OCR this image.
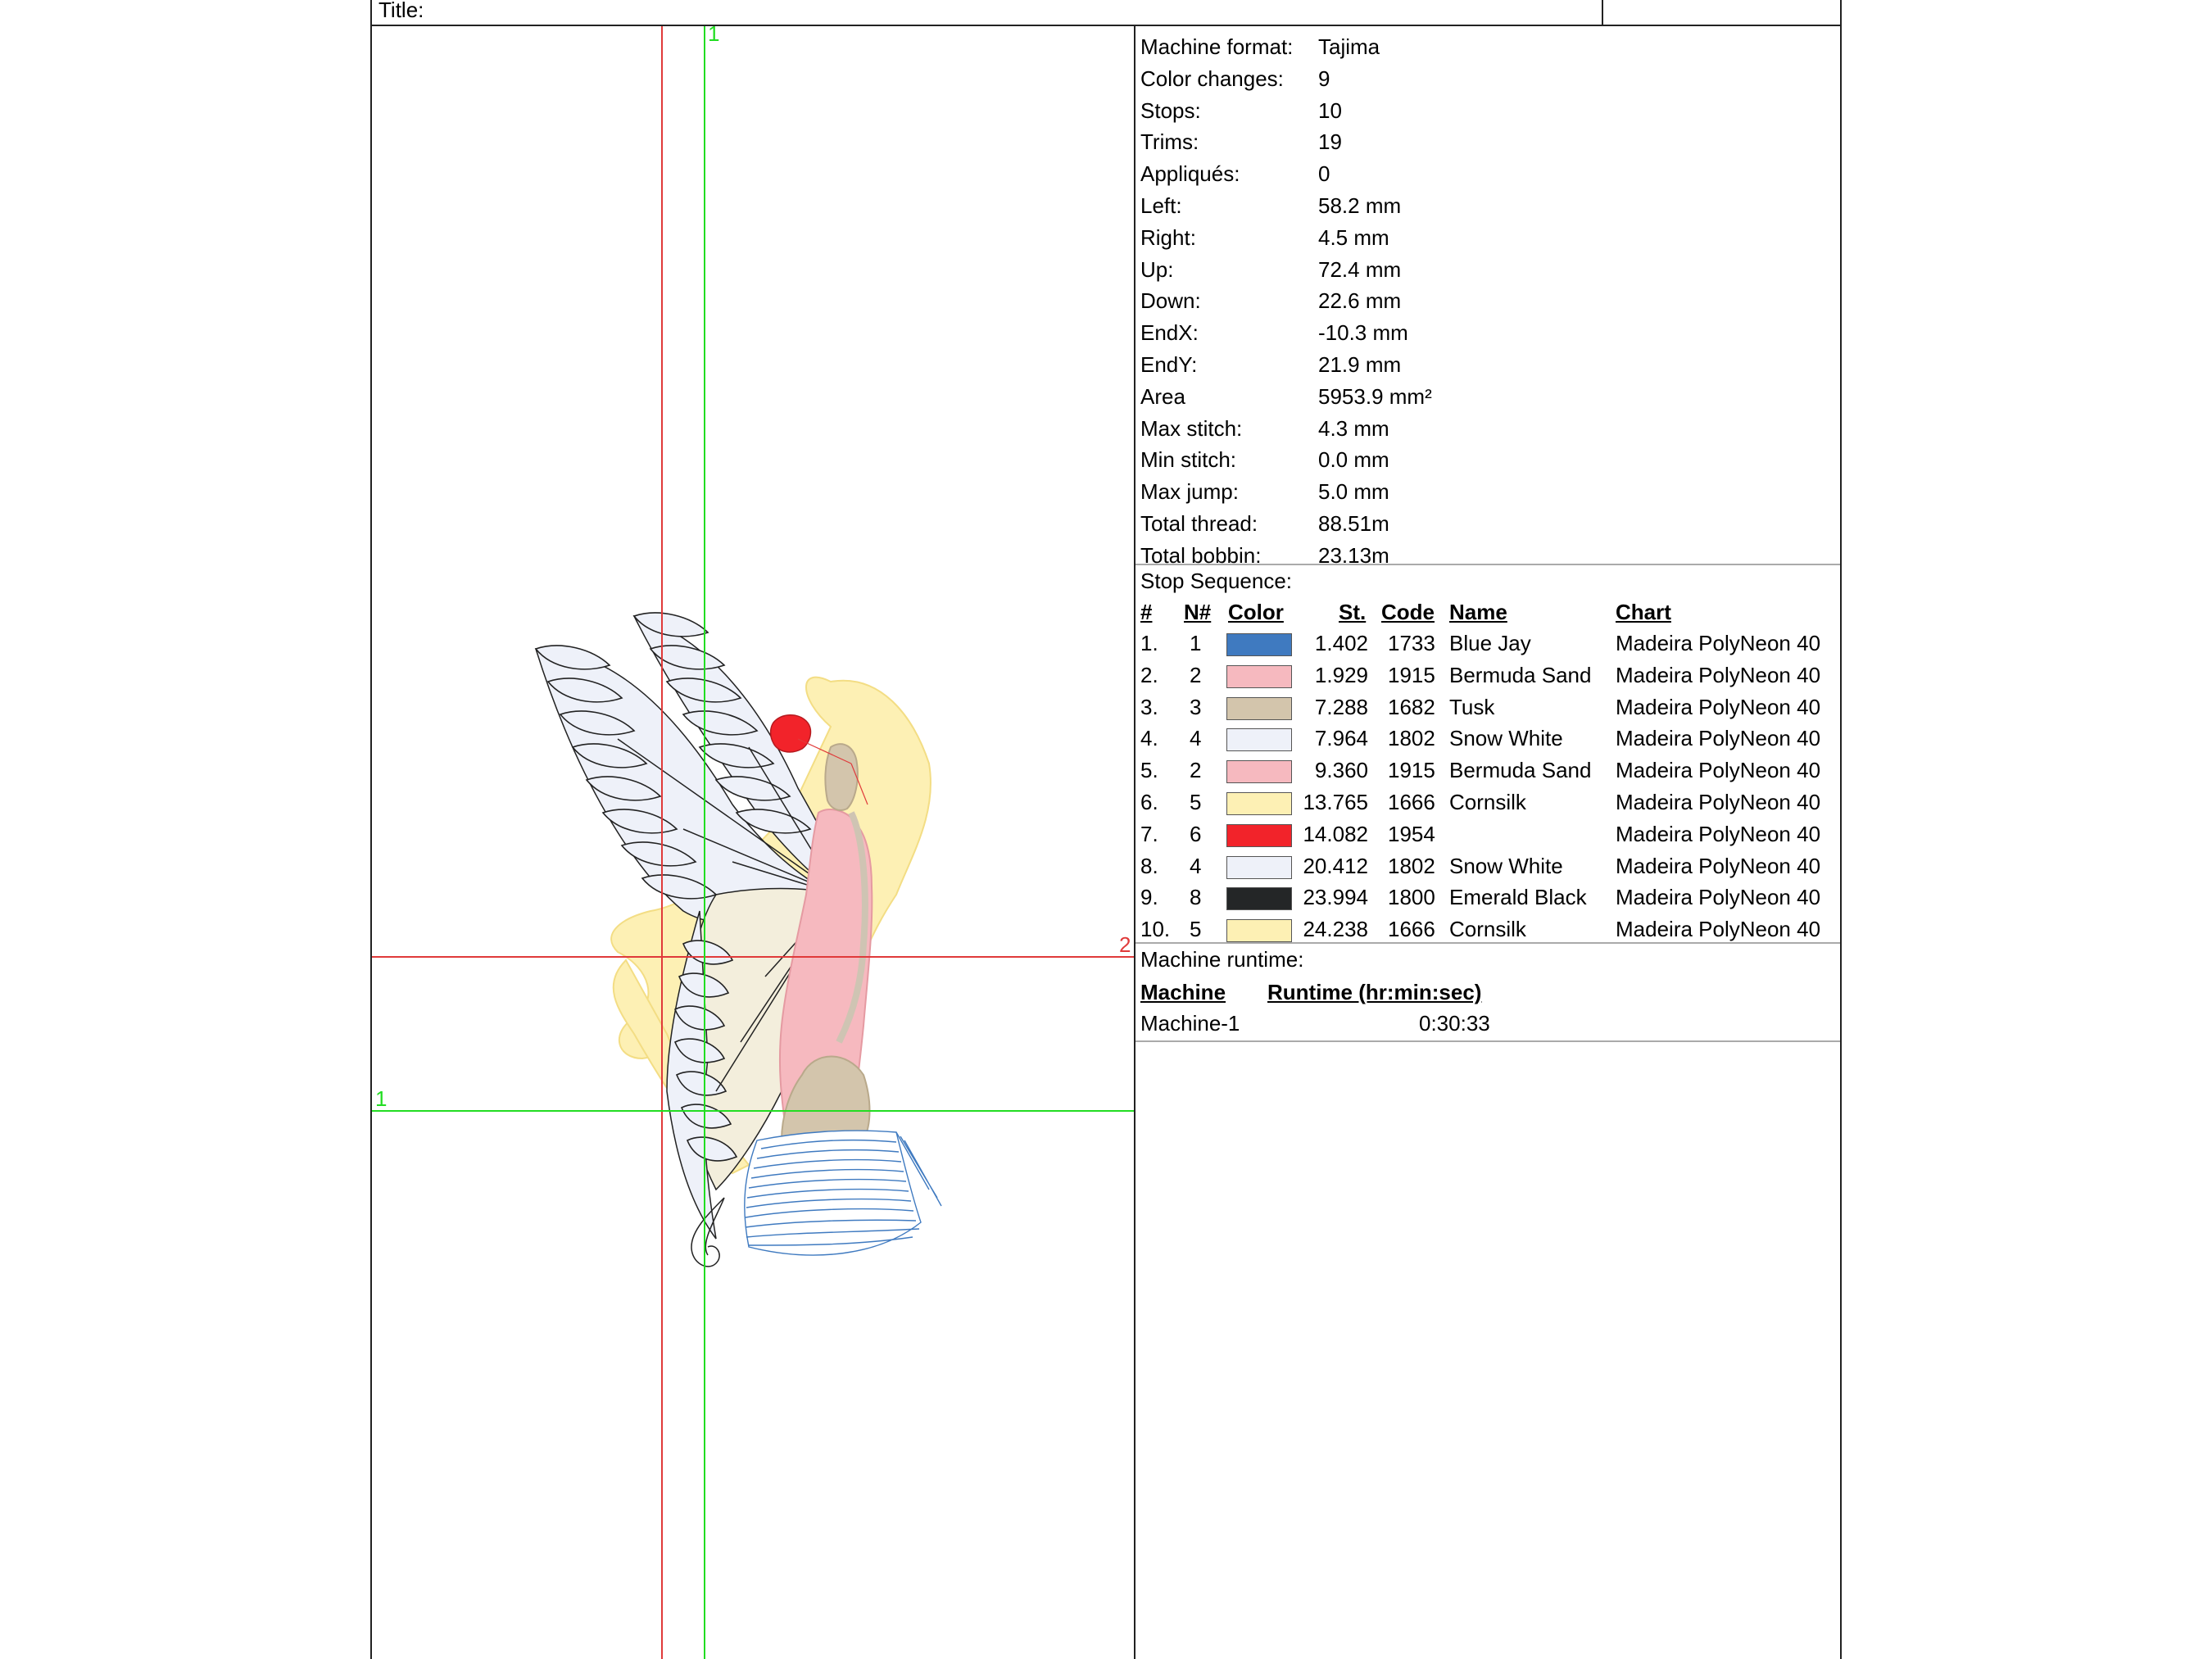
Title:
1
1
2
Machine format: Tajima
Color changes: 9
Stops:	10
Trims:	19
Appliqués:	0
Left:	58.2 mm
Right:	4.5 mm
Up:	72.4 mm
Down:	22.6 mm
EndX:	-10.3 mm
EndY:	21.9 mm
Area	5953.9 mm²
Max stitch:	4.3 mm
Min stitch:	0.0 mm
Max jump:	5.0 mm
Total thread:	88.51m
Total bobbin:	23.13m
Stop Sequence:
# N# Color	St. Code Name	Chart
1. 1	1.402 1733 Blue Jay	Madeira PolyNeon 40
2. 2	1.929 1915 Bermuda Sand Madeira PolyNeon 40
3. 3	7.288 1682 Tusk	Madeira PolyNeon 40
4. 4	7.964 1802 Snow White Madeira PolyNeon 40
5. 2	9.360 1915 Bermuda Sand Madeira PolyNeon 40
6. 5	13.765 1666 Cornsilk	Madeira PolyNeon 40
7. 6	14.082 1954	Madeira PolyNeon 40
8. 4	20.412 1802 Snow White Madeira PolyNeon 40
9. 8	23.994 1800 Emerald Black Madeira PolyNeon 40
10. 5	24.238 1666 Cornsilk	Madeira PolyNeon 40
Machine runtime:
Machine Runtime (hr:min:sec)
Machine-1	0:30:33
